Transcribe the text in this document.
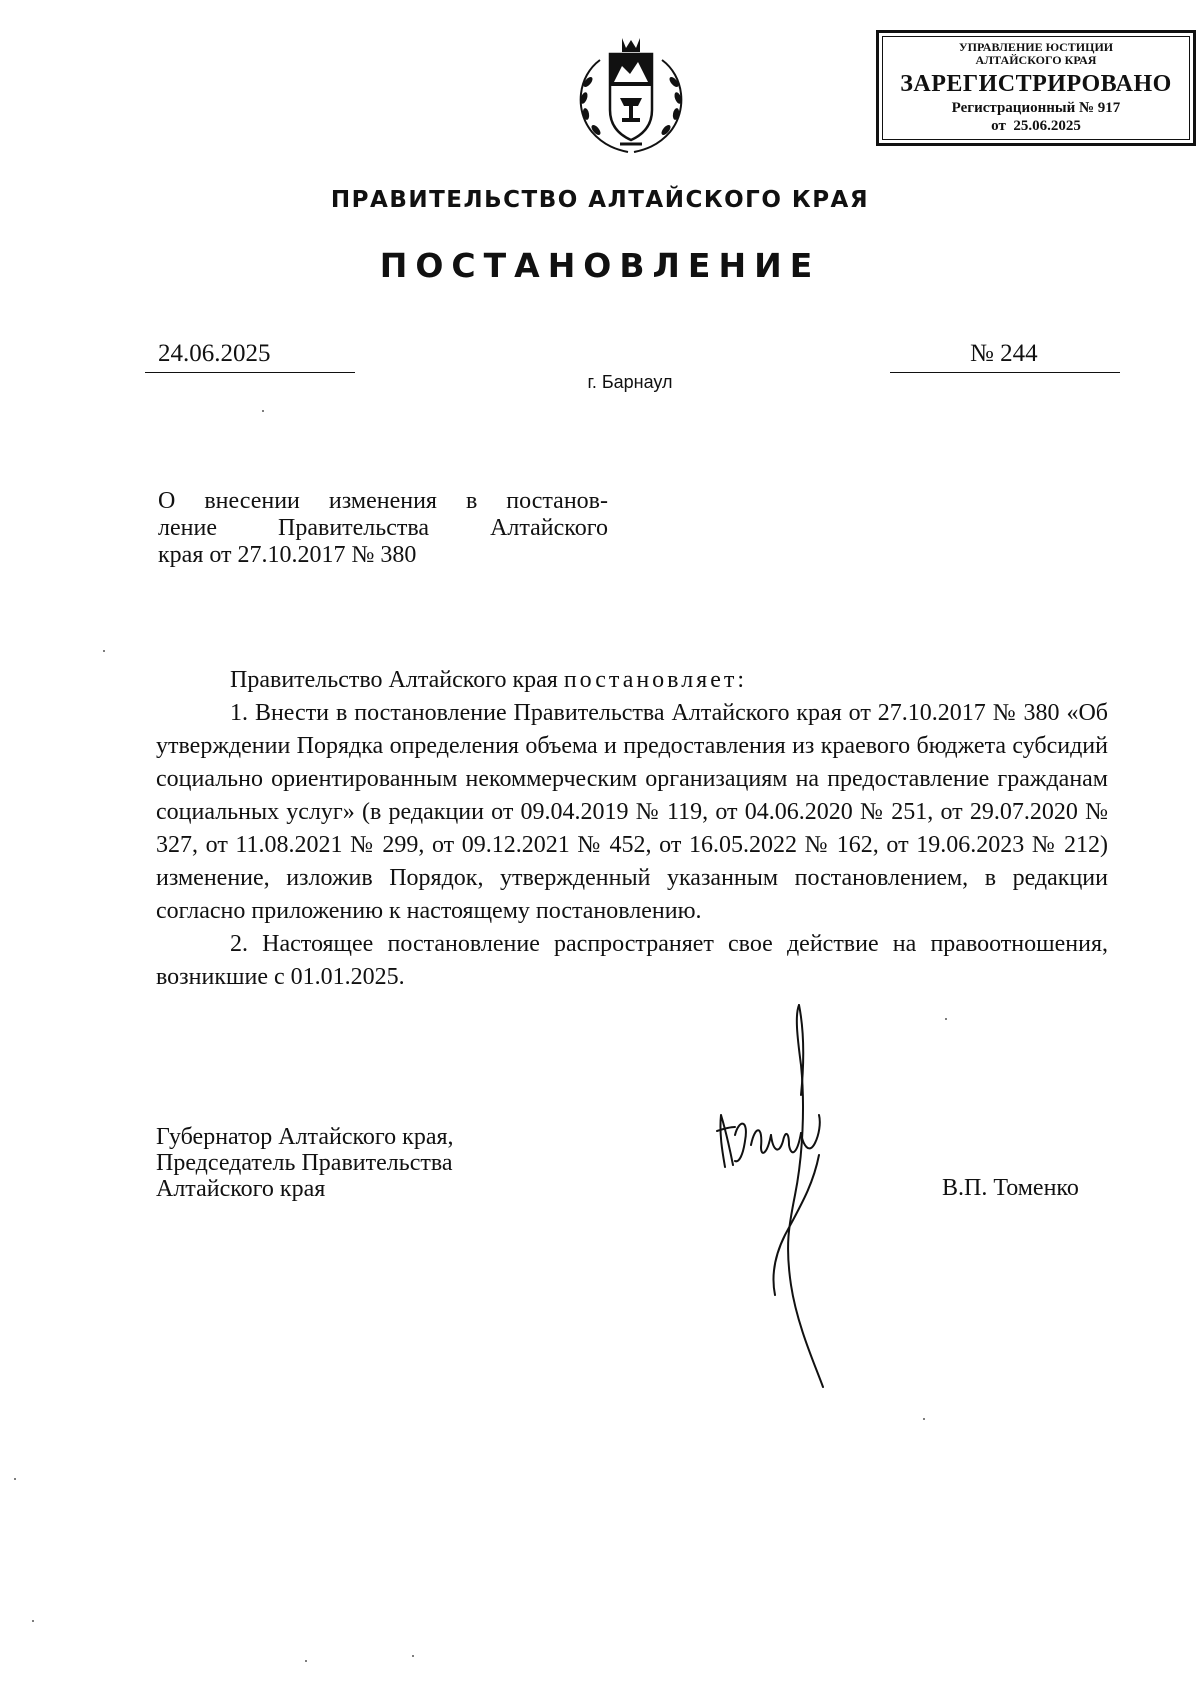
УПРАВЛЕНИЕ ЮСТИЦИИ
АЛТАЙСКОГО КРАЯ
ЗАРЕГИСТРИРОВАНО
Регистрационный № 917
от  25.06.2025
ПРАВИТЕЛЬСТВО АЛТАЙСКОГО КРАЯ
ПОСТАНОВЛЕНИЕ
24.06.2025	№ 244
г. Барнаул
О внесении изменения в постанов-
ление Правительства Алтайского
края от 27.10.2017 № 380

Правительство Алтайского края постановляет:

1. Внести в постановление Правительства Алтайского края от 27.10.2017 № 380 «Об утверждении Порядка определения объема и предоставления из краевого бюджета субсидий социально ориентированным некоммерческим организациям на предоставление гражданам социальных услуг» (в редакции от 09.04.2019 № 119, от 04.06.2020 № 251, от 29.07.2020 № 327, от 11.08.2021 № 299, от 09.12.2021 № 452, от 16.05.2022 № 162, от 19.06.2023 № 212) изменение, изложив Порядок, утвержденный указанным постановлением, в редакции согласно приложению к настоящему постановлению.

2. Настоящее постановление распространяет свое действие на правоотношения, возникшие с 01.01.2025.

Губернатор Алтайского края,
Председатель Правительства
Алтайского края	В.П. Томенко
